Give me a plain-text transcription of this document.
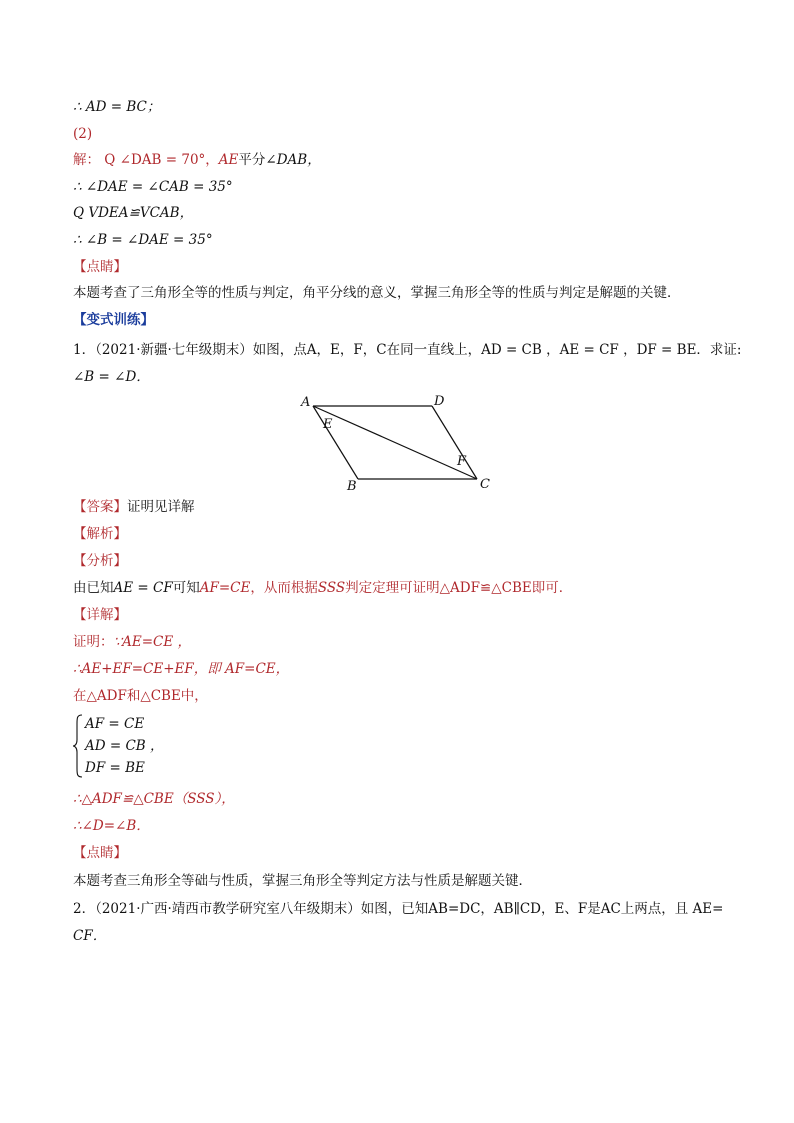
∴ AD = BC；
(2)
解： Q ∠DAB = 70°，AE平分∠DAB，
∴ ∠DAE = ∠CAB = 35°
Q VDEA≌VCAB，
∴ ∠B = ∠DAE = 35°
【点睛】
本题考查了三角形全等的性质与判定，角平分线的意义，掌握三角形全等的性质与判定是解题的关键．
【变式训练】
1．（2021·新疆·七年级期末）如图，点A，E，F，C在同一直线上，AD = CB ，AE = CF ，DF = BE．求证:
∠B = ∠D．
A	D
E
F
B	C
【答案】证明见详解
【解析】
【分析】
由已知AE = CF可知AF=CE，从而根据SSS判定定理可证明△ADF≌△CBE即可．
【详解】
证明：∵AE=CE ，
∴AE+EF=CE+EF，即 AF=CE，
在△ADF和△CBE中，
AF = CE
AD = CB ，
DF = BE
∴△ADF≌△CBE（SSS），
∴∠D=∠B．
【点睛】
本题考查三角形全等础与性质，掌握三角形全等判定方法与性质是解题关键．
2．（2021·广西·靖西市教学研究室八年级期末）如图，已知AB=DC，AB∥CD，E、F是AC上两点，且 AE=
CF．
